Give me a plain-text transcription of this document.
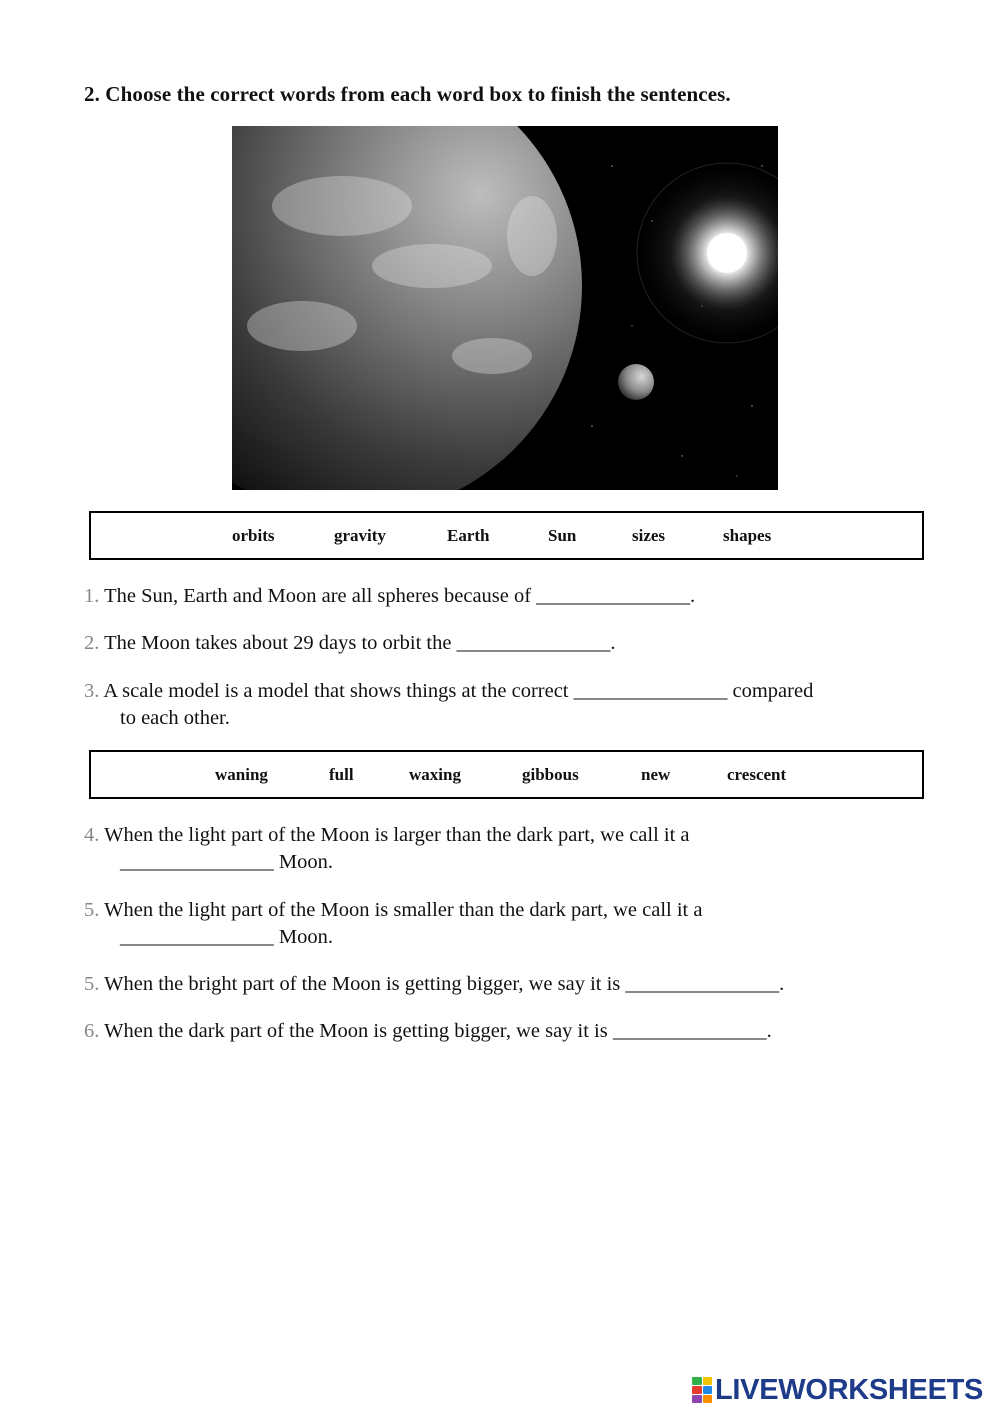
2. Choose the correct words from each word box to finish the sentences.
orbits	gravity	Earth	Sun	sizes	shapes
1. The Sun, Earth and Moon are all spheres because of _______________.
2. The Moon takes about 29 days to orbit the _______________.
3. A scale model is a model that shows things at the correct _______________ compared
to each other.
waning	full	waxing	gibbous	new	crescent
4. When the light part of the Moon is larger than the dark part, we call it a
_______________ Moon.
5. When the light part of the Moon is smaller than the dark part, we call it a
_______________ Moon.
5. When the bright part of the Moon is getting bigger, we say it is _______________.
6. When the dark part of the Moon is getting bigger, we say it is _______________.
LIVEWORKSHEETS
